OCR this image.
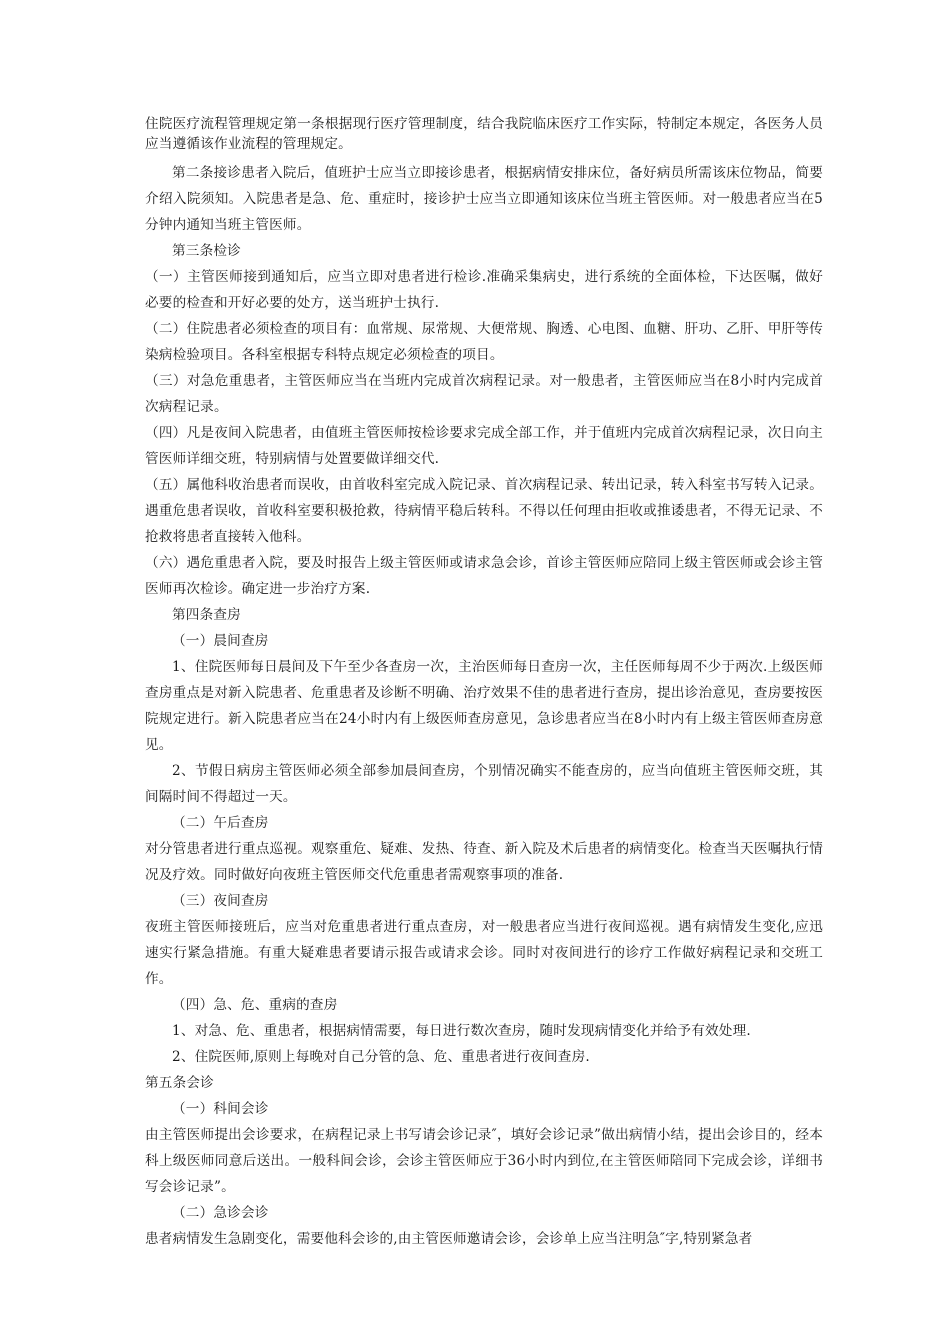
住院医疗流程管理规定第一条根据现行医疗管理制度，结合我院临床医疗工作实际，特制定本规定，各医务人员应当遵循该作业流程的管理规定。

第二条接诊患者入院后，值班护士应当立即接诊患者，根据病情安排床位，备好病员所需该床位物品，简要介绍入院须知。入院患者是急、危、重症时，接诊护士应当立即通知该床位当班主管医师。对一般患者应当在5分钟内通知当班主管医师。

第三条检诊

（一）主管医师接到通知后，应当立即对患者进行检诊.准确采集病史，进行系统的全面体检，下达医嘱，做好必要的检查和开好必要的处方，送当班护士执行.

（二）住院患者必须检查的项目有：血常规、尿常规、大便常规、胸透、心电图、血糖、肝功、乙肝、甲肝等传染病检验项目。各科室根据专科特点规定必须检查的项目。

（三）对急危重患者，主管医师应当在当班内完成首次病程记录。对一般患者，主管医师应当在8小时内完成首次病程记录。

（四）凡是夜间入院患者，由值班主管医师按检诊要求完成全部工作，并于值班内完成首次病程记录，次日向主管医师详细交班，特别病情与处置要做详细交代.

（五）属他科收治患者而误收，由首收科室完成入院记录、首次病程记录、转出记录，转入科室书写转入记录。遇重危患者误收，首收科室要积极抢救，待病情平稳后转科。不得以任何理由拒收或推诿患者，不得无记录、不抢救将患者直接转入他科。

（六）遇危重患者入院，要及时报告上级主管医师或请求急会诊，首诊主管医师应陪同上级主管医师或会诊主管医师再次检诊。确定进一步治疗方案.

第四条查房

（一）晨间查房

1、住院医师每日晨间及下午至少各查房一次，主治医师每日查房一次，主任医师每周不少于两次.上级医师查房重点是对新入院患者、危重患者及诊断不明确、治疗效果不佳的患者进行查房，提出诊治意见，查房要按医院规定进行。新入院患者应当在24小时内有上级医师查房意见，急诊患者应当在8小时内有上级主管医师查房意见。

2、节假日病房主管医师必须全部参加晨间查房，个别情况确实不能查房的，应当向值班主管医师交班，其间隔时间不得超过一天。

（二）午后查房

对分管患者进行重点巡视。观察重危、疑难、发热、待查、新入院及术后患者的病情变化。检查当天医嘱执行情况及疗效。同时做好向夜班主管医师交代危重患者需观察事项的准备.

（三）夜间查房

夜班主管医师接班后，应当对危重患者进行重点查房，对一般患者应当进行夜间巡视。遇有病情发生变化,应迅速实行紧急措施。有重大疑难患者要请示报告或请求会诊。同时对夜间进行的诊疗工作做好病程记录和交班工作。

（四）急、危、重病的查房

1、对急、危、重患者，根据病情需要，每日进行数次查房，随时发现病情变化并给予有效处理.

2、住院医师,原则上每晚对自己分管的急、危、重患者进行夜间查房.

第五条会诊

（一）科间会诊

由主管医师提出会诊要求，在病程记录上书写请会诊记录″，填好会诊记录”做出病情小结，提出会诊目的，经本科上级医师同意后送出。一般科间会诊，会诊主管医师应于36小时内到位,在主管医师陪同下完成会诊，详细书写会诊记录”。

（二）急诊会诊

患者病情发生急剧变化，需要他科会诊的,由主管医师邀请会诊，会诊单上应当注明急″字,特别紧急者
